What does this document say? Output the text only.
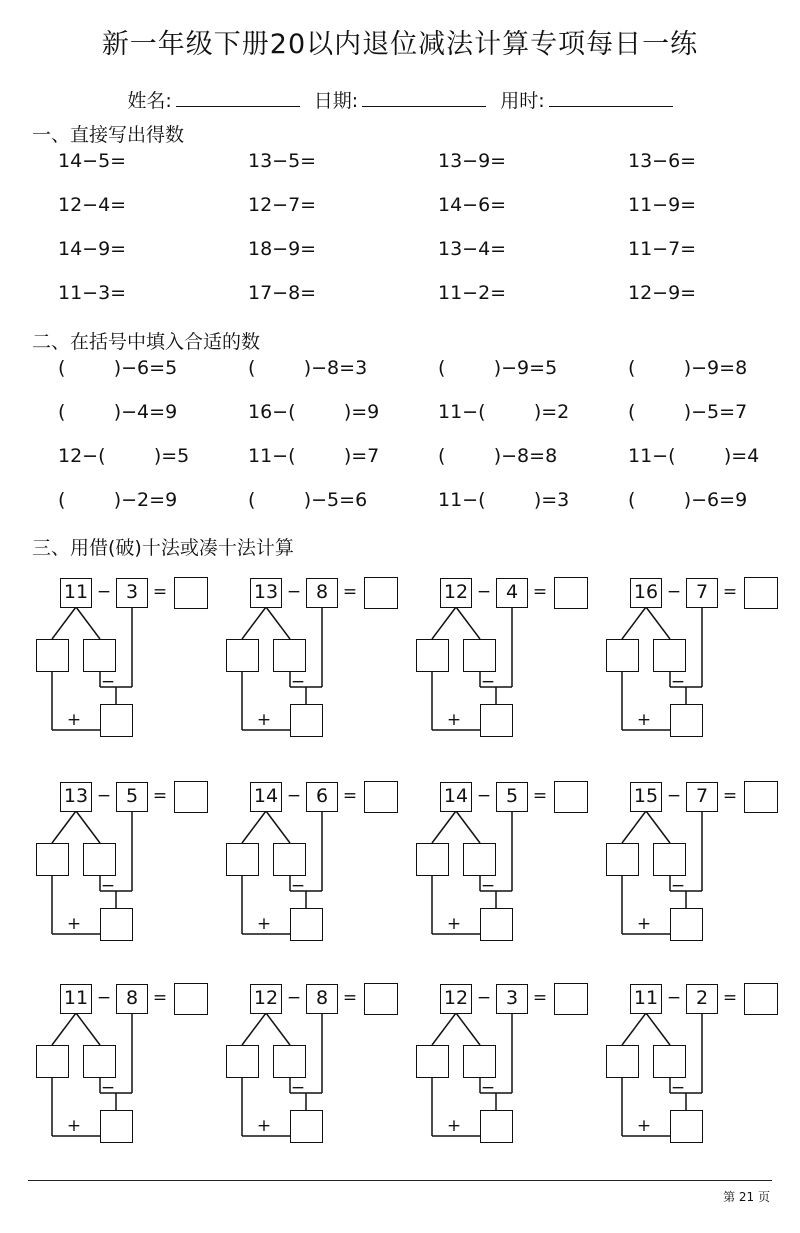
新一年级下册20以内退位减法计算专项每日一练
姓名:	日期:	用时:
一、直接写出得数
14−5=	13−5=	13−9=	13−6=
12−4=	12−7=	14−6=	11−9=
14−9=	18−9=	13−4=	11−7=
11−3=	17−8=	11−2=	12−9=
二、在括号中填入合适的数
(        )−6=5	(        )−8=3	(        )−9=5	(        )−9=8
(        )−4=9	16−(        )=9	11−(        )=2	(        )−5=7
12−(        )=5	11−(        )=7	(        )−8=8	11−(        )=4
(        )−2=9	(        )−5=6	11−(        )=3	(        )−6=9
三、用借(破)十法或凑十法计算
11 − 3 =
−
+
13 − 8 =
−
+
12 − 4 =
−
+
16 − 7 =
−
+
13 − 5 =
−
+
14 − 6 =
−
+
14 − 5 =
−
+
15 − 7 =
−
+
11 − 8 =
−
+
12 − 8 =
−
+
12 − 3 =
−
+
11 − 2 =
−
+
第 21 页
